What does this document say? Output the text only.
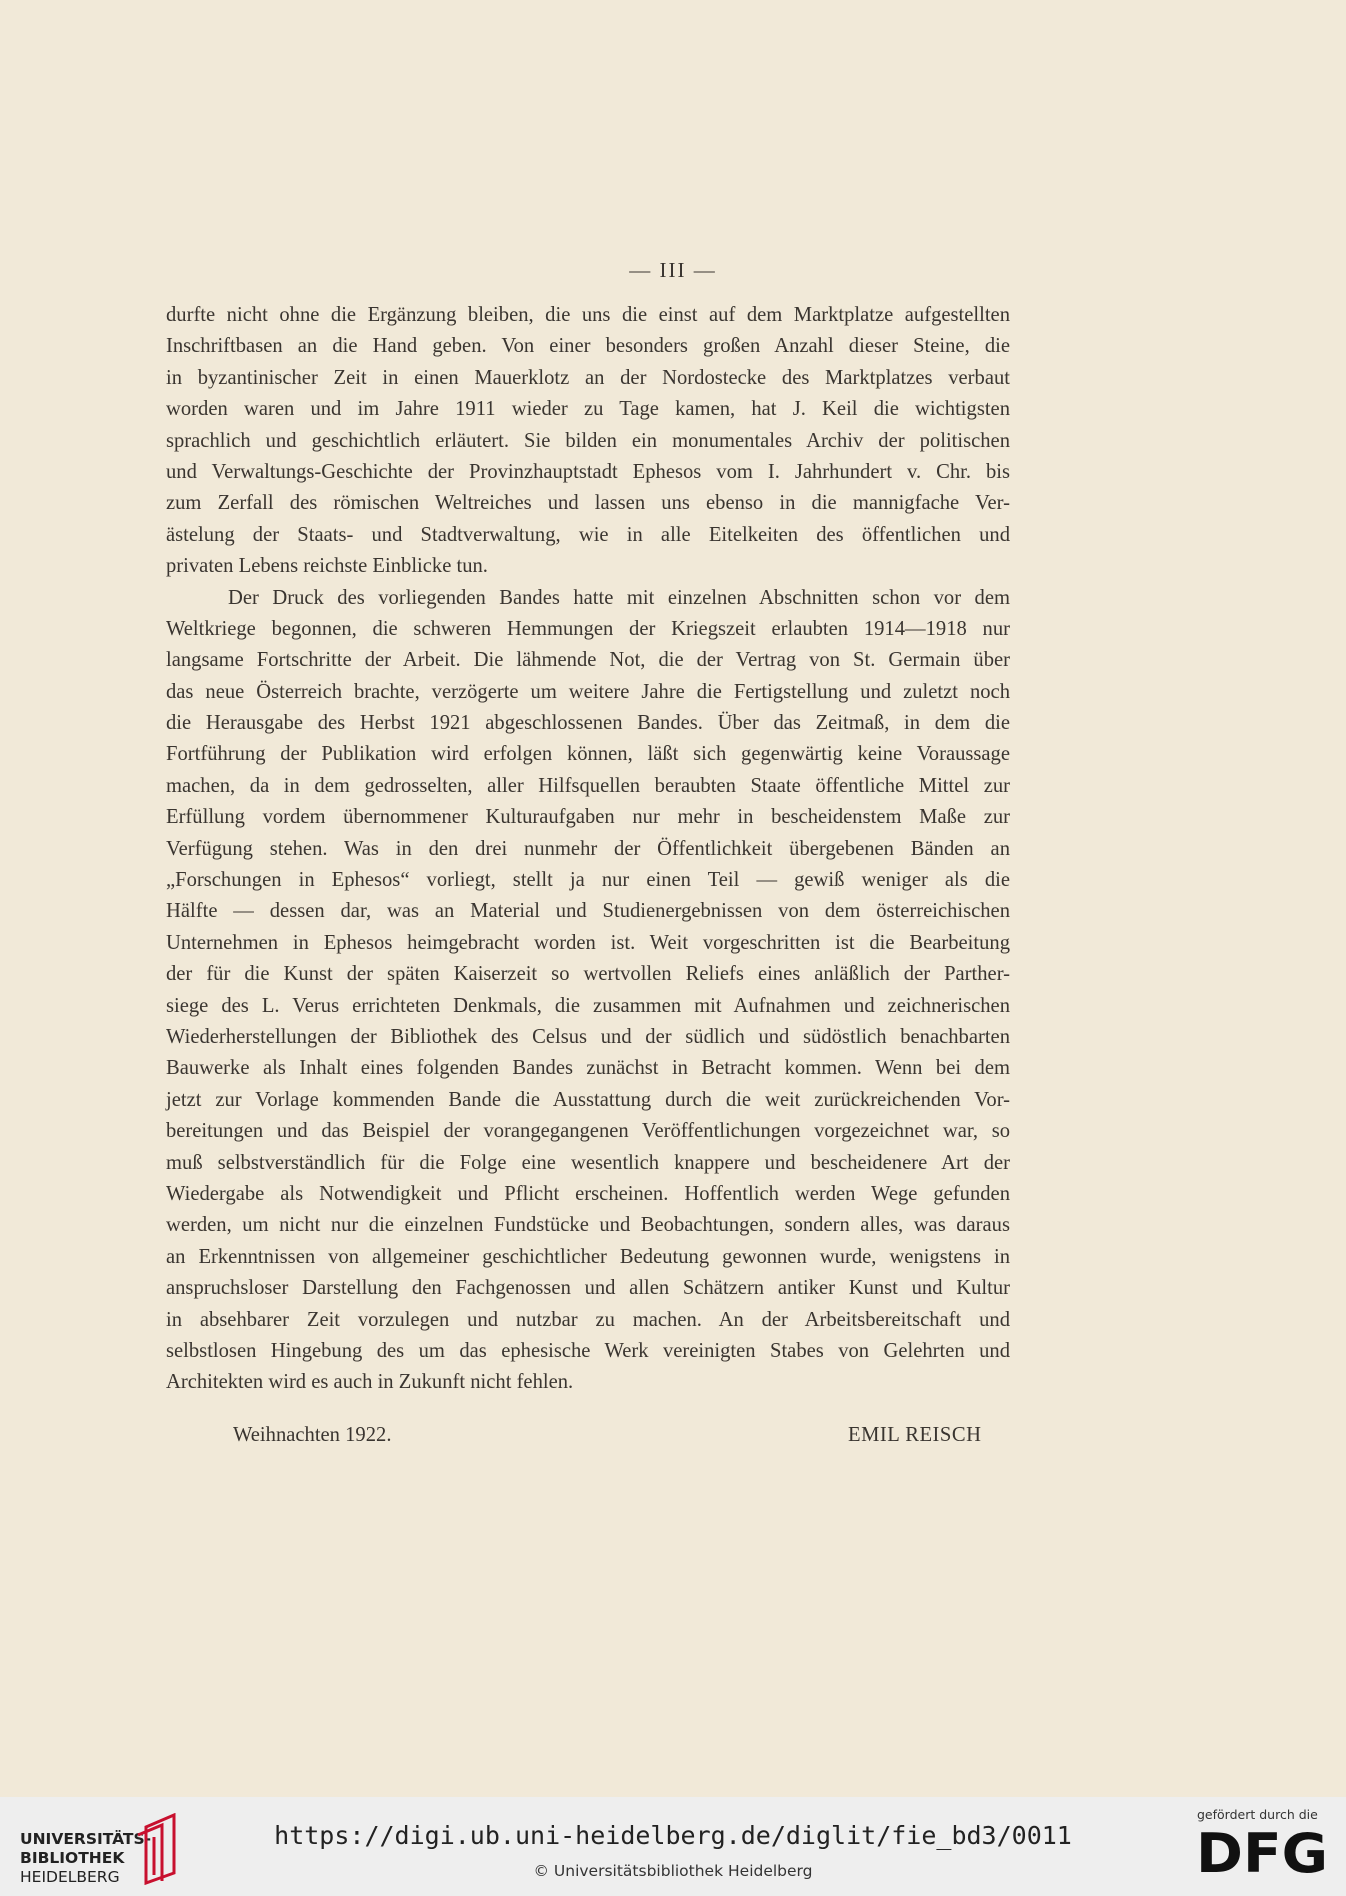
— III —
durfte nicht ohne die Ergänzung bleiben, die uns die einst auf dem Marktplatze aufgestellten
Inschriftbasen an die Hand geben. Von einer besonders großen Anzahl dieser Steine, die
in byzantinischer Zeit in einen Mauerklotz an der Nordostecke des Marktplatzes verbaut
worden waren und im Jahre 1911 wieder zu Tage kamen, hat J. Keil die wichtigsten
sprachlich und geschichtlich erläutert. Sie bilden ein monumentales Archiv der politischen
und Verwaltungs-Geschichte der Provinzhauptstadt Ephesos vom I. Jahrhundert v. Chr. bis
zum Zerfall des römischen Weltreiches und lassen uns ebenso in die mannigfache Ver-
ästelung der Staats- und Stadtverwaltung, wie in alle Eitelkeiten des öffentlichen und
privaten Lebens reichste Einblicke tun.
Der Druck des vorliegenden Bandes hatte mit einzelnen Abschnitten schon vor dem
Weltkriege begonnen, die schweren Hemmungen der Kriegszeit erlaubten 1914—1918 nur
langsame Fortschritte der Arbeit. Die lähmende Not, die der Vertrag von St. Germain über
das neue Österreich brachte, verzögerte um weitere Jahre die Fertigstellung und zuletzt noch
die Herausgabe des Herbst 1921 abgeschlossenen Bandes. Über das Zeitmaß, in dem die
Fortführung der Publikation wird erfolgen können, läßt sich gegenwärtig keine Voraussage
machen, da in dem gedrosselten, aller Hilfsquellen beraubten Staate öffentliche Mittel zur
Erfüllung vordem übernommener Kulturaufgaben nur mehr in bescheidenstem Maße zur
Verfügung stehen. Was in den drei nunmehr der Öffentlichkeit übergebenen Bänden an
„Forschungen in Ephesos“ vorliegt, stellt ja nur einen Teil — gewiß weniger als die
Hälfte — dessen dar, was an Material und Studienergebnissen von dem österreichischen
Unternehmen in Ephesos heimgebracht worden ist. Weit vorgeschritten ist die Bearbeitung
der für die Kunst der späten Kaiserzeit so wertvollen Reliefs eines anläßlich der Parther-
siege des L. Verus errichteten Denkmals, die zusammen mit Aufnahmen und zeichnerischen
Wiederherstellungen der Bibliothek des Celsus und der südlich und südöstlich benachbarten
Bauwerke als Inhalt eines folgenden Bandes zunächst in Betracht kommen. Wenn bei dem
jetzt zur Vorlage kommenden Bande die Ausstattung durch die weit zurückreichenden Vor-
bereitungen und das Beispiel der vorangegangenen Veröffentlichungen vorgezeichnet war, so
muß selbstverständlich für die Folge eine wesentlich knappere und bescheidenere Art der
Wiedergabe als Notwendigkeit und Pflicht erscheinen. Hoffentlich werden Wege gefunden
werden, um nicht nur die einzelnen Fundstücke und Beobachtungen, sondern alles, was daraus
an Erkenntnissen von allgemeiner geschichtlicher Bedeutung gewonnen wurde, wenigstens in
anspruchsloser Darstellung den Fachgenossen und allen Schätzern antiker Kunst und Kultur
in absehbarer Zeit vorzulegen und nutzbar zu machen. An der Arbeitsbereitschaft und
selbstlosen Hingebung des um das ephesische Werk vereinigten Stabes von Gelehrten und
Architekten wird es auch in Zukunft nicht fehlen.
Weihnachten 1922.	EMIL REISCH
UNIVERSITÄTS-
BIBLIOTHEK
HEIDELBERG
https://digi.ub.uni-heidelberg.de/diglit/fie_bd3/0011
© Universitätsbibliothek Heidelberg
gefördert durch die
DFG
